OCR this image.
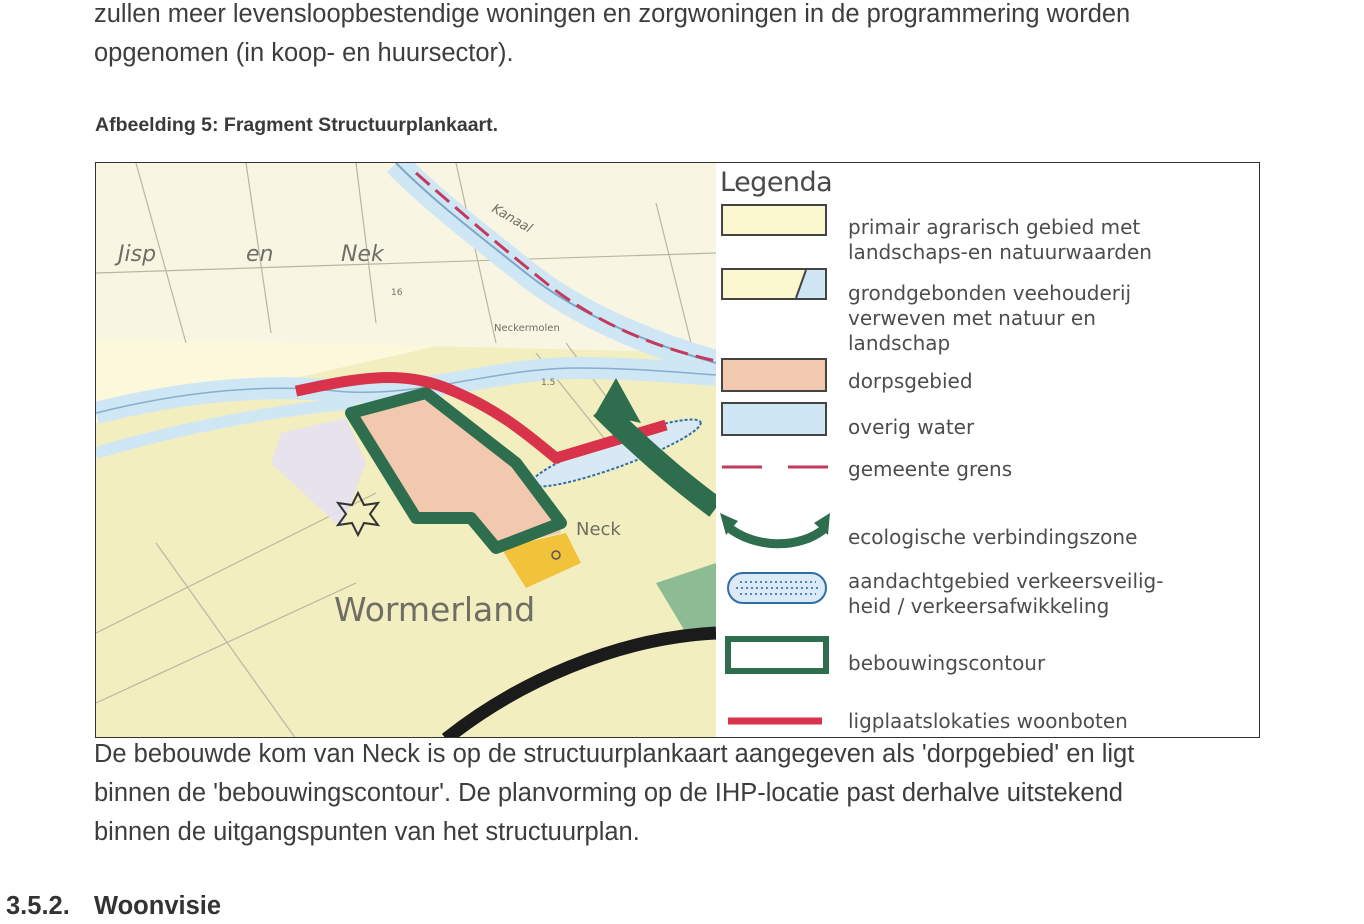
zullen meer levensloopbestendige woningen en zorgwoningen in de programmering worden
opgenomen (in koop- en huursector).

Afbeelding 5: Fragment Structuurplankaart.
Jisp	en	Nek
Kanaal
Neckermolen
Neck
Wormerland
16
1.5
Legenda
primair agrarisch gebied met
landschaps-en natuurwaarden
grondgebonden veehouderij
verweven met natuur en
landschap
dorpsgebied
overig water
gemeente grens
ecologische verbindingszone
aandachtgebied verkeersveilig-
heid / verkeersafwikkeling
bebouwingscontour
ligplaatslokaties woonboten

De bebouwde kom van Neck is op de structuurplankaart aangegeven als 'dorpgebied' en ligt
binnen de 'bebouwingscontour'. De planvorming op de IHP-locatie past derhalve uitstekend
binnen de uitgangspunten van het structuurplan.

3.5.2. Woonvisie
